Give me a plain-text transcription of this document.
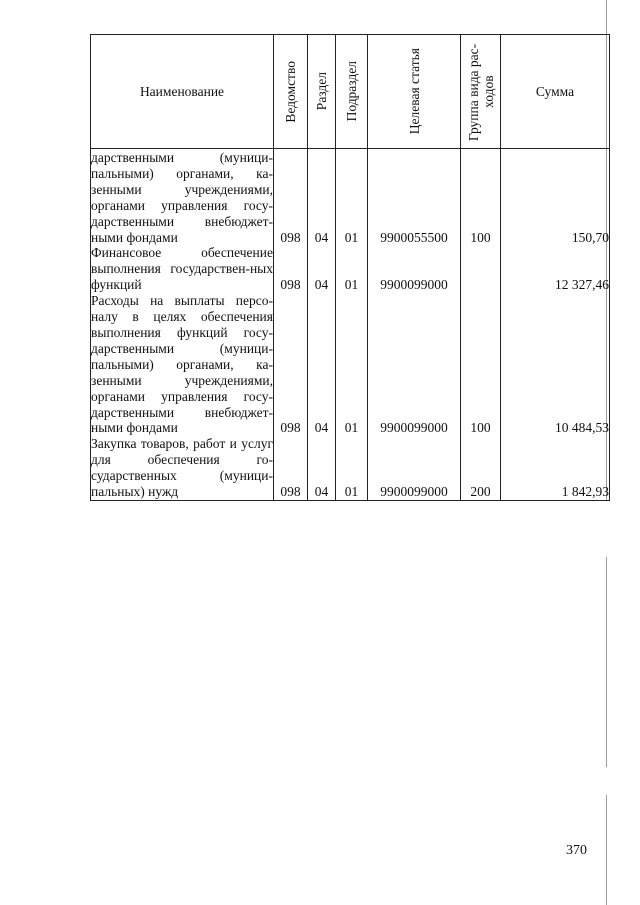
Наименование	Ведомство	Раздел	Подраздел	Целевая статья	Группа вида рас-ходов	Сумма

дарственными (муници-пальными) органами, ка-зенными учреждениями, органами управления госу-дарственными внебюджет-ными фондами	098	04	01	9900055500	100	150,70

Финансовое обеспечение выполнения государствен-ных функций	098	04	01	9900099000		12 327,46

Расходы на выплаты персо-налу в целях обеспечения выполнения функций госу-дарственными (муници-пальными) органами, ка-зенными учреждениями, органами управления госу-дарственными внебюджет-ными фондами	098	04	01	9900099000	100	10 484,53

Закупка товаров, работ и услуг для обеспечения го-сударственных (муници-пальных) нужд	098	04	01	9900099000	200	1 842,93
370
